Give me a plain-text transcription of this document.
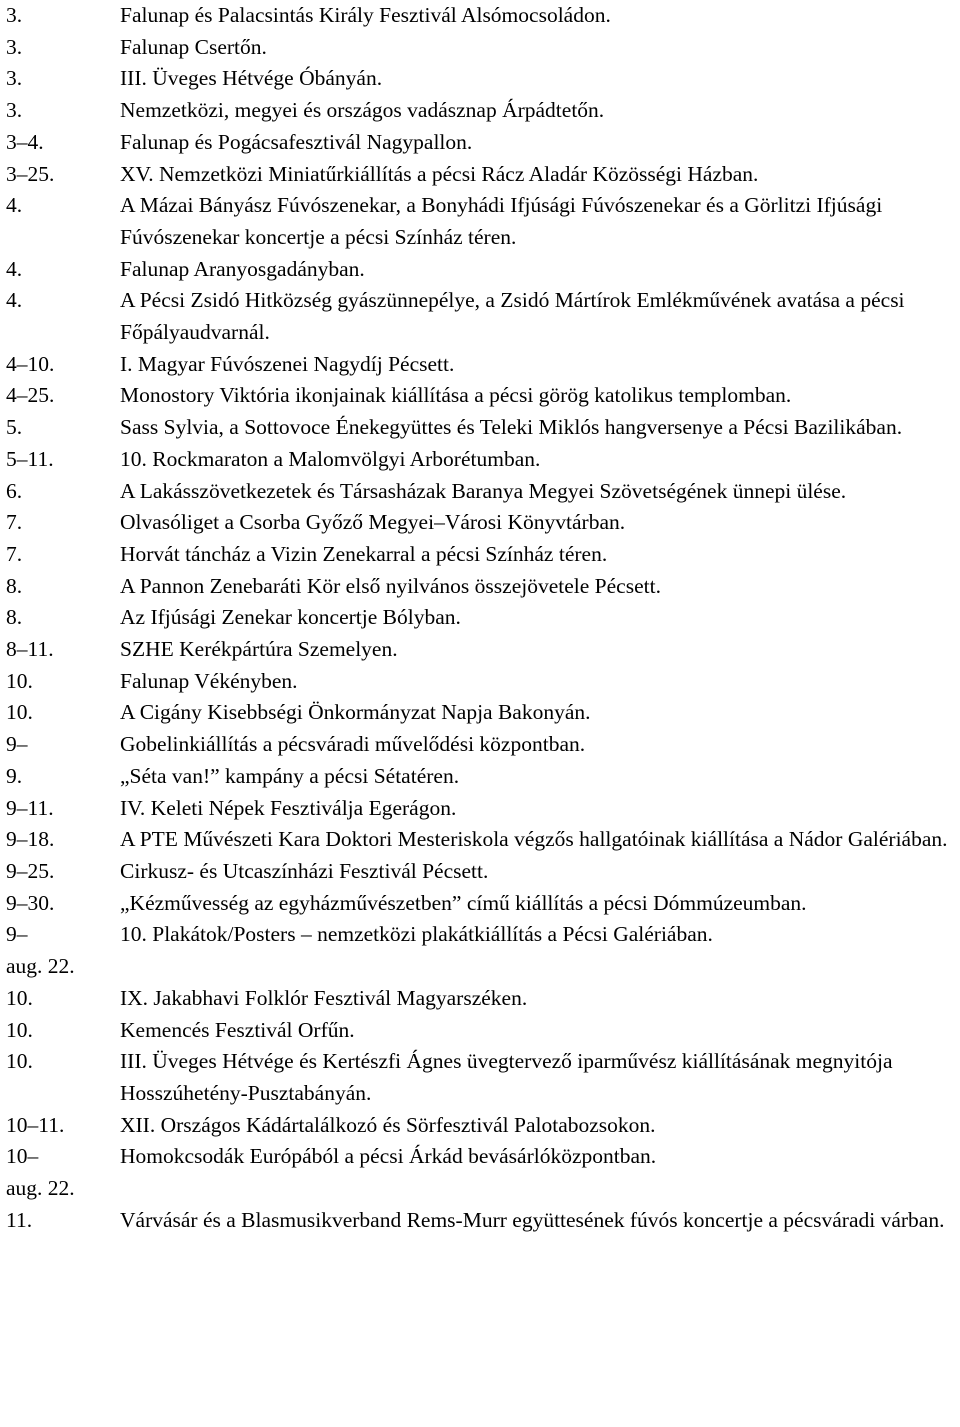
3.	Falunap és Palacsintás Király Fesztivál Alsómocsoládon.
3.	Falunap Csertőn.
3.	III. Üveges Hétvége Óbányán.
3.	Nemzetközi, megyei és országos vadásznap Árpádtetőn.
3–4.	Falunap és Pogácsafesztivál Nagypallon.
3–25.	XV. Nemzetközi Miniatűrkiállítás a pécsi Rácz Aladár Közösségi Házban.
4.	A Mázai Bányász Fúvószenekar, a Bonyhádi Ifjúsági Fúvószenekar és a Görlitzi Ifjúsági Fúvószenekar koncertje a pécsi Színház téren.
4.	Falunap Aranyosgadányban.
4.	A Pécsi Zsidó Hitközség gyászünnepélye, a Zsidó Mártírok Emlékművének avatása a pécsi Főpályaudvarnál.
4–10.	I. Magyar Fúvószenei Nagydíj Pécsett.
4–25.	Monostory Viktória ikonjainak kiállítása a pécsi görög katolikus templomban.
5.	Sass Sylvia, a Sottovoce Énekegyüttes és Teleki Miklós hangversenye a Pécsi Bazilikában.
5–11.	10. Rockmaraton a Malomvölgyi Arborétumban.
6.	A Lakásszövetkezetek és Társasházak Baranya Megyei Szövetségének ünnepi ülése.
7.	Olvasóliget a Csorba Győző Megyei–Városi Könyvtárban.
7.	Horvát táncház a Vizin Zenekarral a pécsi Színház téren.
8.	A Pannon Zenebaráti Kör első nyilvános összejövetele Pécsett.
8.	Az Ifjúsági Zenekar koncertje Bólyban.
8–11.	SZHE Kerékpártúra Szemelyen.
10.	Falunap Vékényben.
10.	A Cigány Kisebbségi Önkormányzat Napja Bakonyán.
9–	Gobelinkiállítás a pécsváradi művelődési központban.
9.	„Séta van!” kampány a pécsi Sétatéren.
9–11.	IV. Keleti Népek Fesztiválja Egerágon.
9–18.	A PTE Művészeti Kara Doktori Mesteriskola végzős hallgatóinak kiállítása a Nádor Galériában.
9–25.	Cirkusz- és Utcaszínházi Fesztivál Pécsett.
9–30.	„Kézművesség az egyházművészetben” című kiállítás a pécsi Dómmúzeumban.
9–	10. Plakátok/Posters – nemzetközi plakátkiállítás a Pécsi Galériában.
aug. 22.
10.	IX. Jakabhavi Folklór Fesztivál Magyarszéken.
10.	Kemencés Fesztivál Orfűn.
10.	III. Üveges Hétvége és Kertészfi Ágnes üvegtervező iparművész kiállításának megnyitója Hosszúhetény-Pusztabányán.
10–11.	XII. Országos Kádártalálkozó és Sörfesztivál Palotabozsokon.
10–	Homokcsodák Európából a pécsi Árkád bevásárlóközpontban.
aug. 22.
11.	Várvásár és a Blasmusikverband Rems-Murr együttesének fúvós koncertje a pécsváradi várban.
